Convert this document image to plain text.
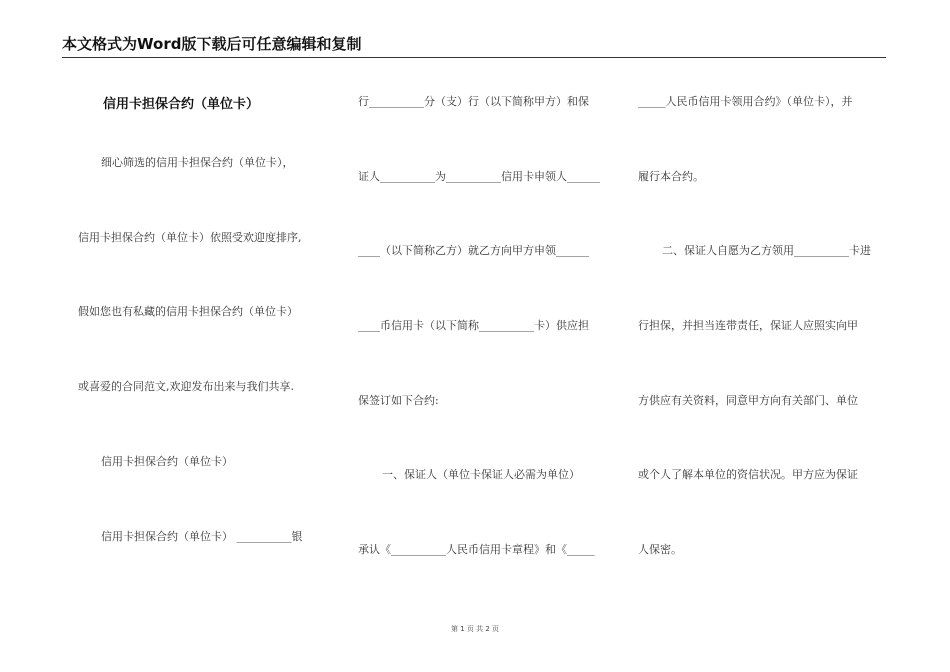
本文格式为Word版下载后可任意编辑和复制
信用卡担保合约（单位卡）
细心筛选的信用卡担保合约（单位卡），
信用卡担保合约（单位卡）依照受欢迎度排序,
假如您也有私藏的信用卡担保合约（单位卡）
或喜爱的合同范文,欢迎发布出来与我们共享.
信用卡担保合约（单位卡）
信用卡担保合约（单位卡） __________银
行__________分（支）行（以下简称甲方）和保
证人__________为__________信用卡申领人______
____（以下简称乙方）就乙方向甲方申领______
____币信用卡（以下简称__________卡）供应担
保签订如下合约:
一、保证人（单位卡保证人必需为单位）
承认《__________人民币信用卡章程》和《_____
_____人民币信用卡领用合约》（单位卡），并
履行本合约。
二、保证人自愿为乙方领用__________卡进
行担保，并担当连带责任，保证人应照实向甲
方供应有关资料，同意甲方向有关部门、单位
或个人了解本单位的资信状况。甲方应为保证
人保密。
第 1 页 共 2 页
